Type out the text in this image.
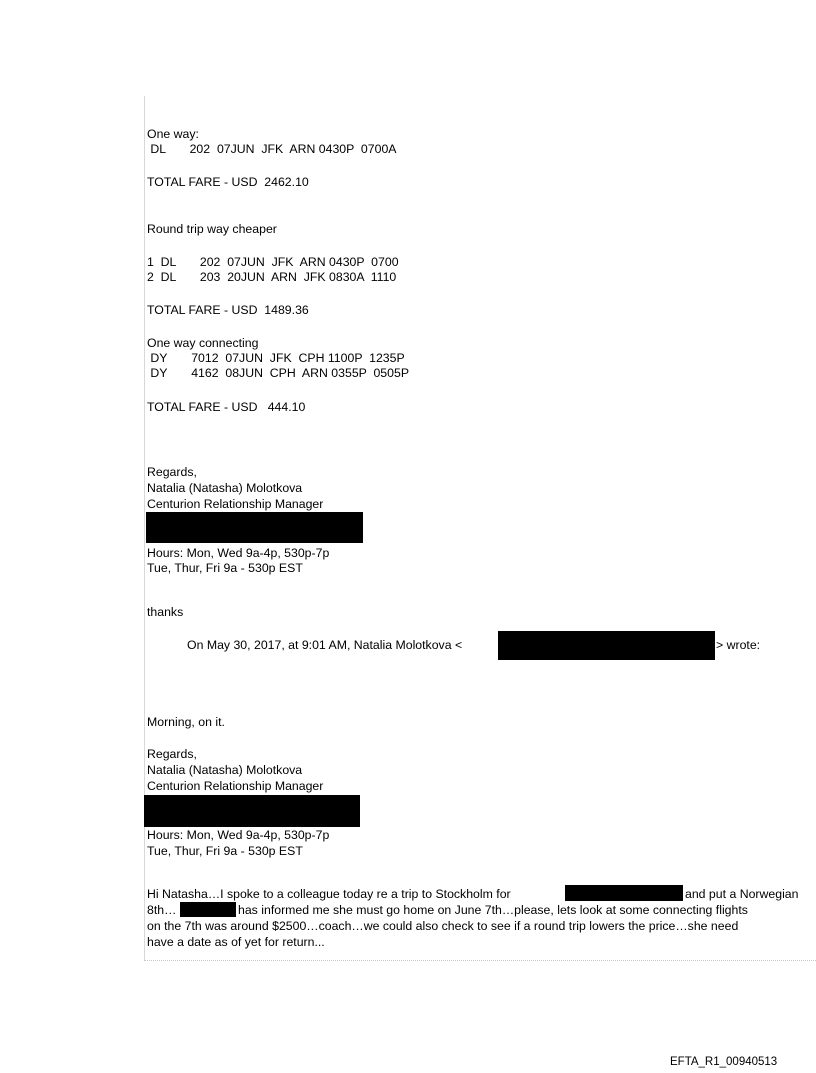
One way:
DL       202  07JUN  JFK  ARN 0430P  0700A
TOTAL FARE - USD  2462.10
Round trip way cheaper
1  DL       202  07JUN  JFK  ARN 0430P  0700
2  DL       203  20JUN  ARN  JFK 0830A  1110
TOTAL FARE - USD  1489.36
One way connecting
DY       7012  07JUN  JFK  CPH 1100P  1235P
DY       4162  08JUN  CPH  ARN 0355P  0505P
TOTAL FARE - USD   444.10
Regards,
Natalia (Natasha) Molotkova
Centurion Relationship Manager
Hours: Mon, Wed 9a-4p, 530p-7p
Tue, Thur, Fri 9a - 530p EST
thanks
On May 30, 2017, at 9:01 AM, Natalia Molotkova <	> wrote:
Morning, on it.
Regards,
Natalia (Natasha) Molotkova
Centurion Relationship Manager
Hours: Mon, Wed 9a-4p, 530p-7p
Tue, Thur, Fri 9a - 530p EST
Hi Natasha…I spoke to a colleague today re a trip to Stockholm for	and put a Norwegian
8th…	has informed me she must go home on June 7th…please, lets look at some connecting flights
on the 7th was around $2500…coach…we could also check to see if a round trip lowers the price…she need
have a date as of yet for return...
EFTA_R1_00940513
